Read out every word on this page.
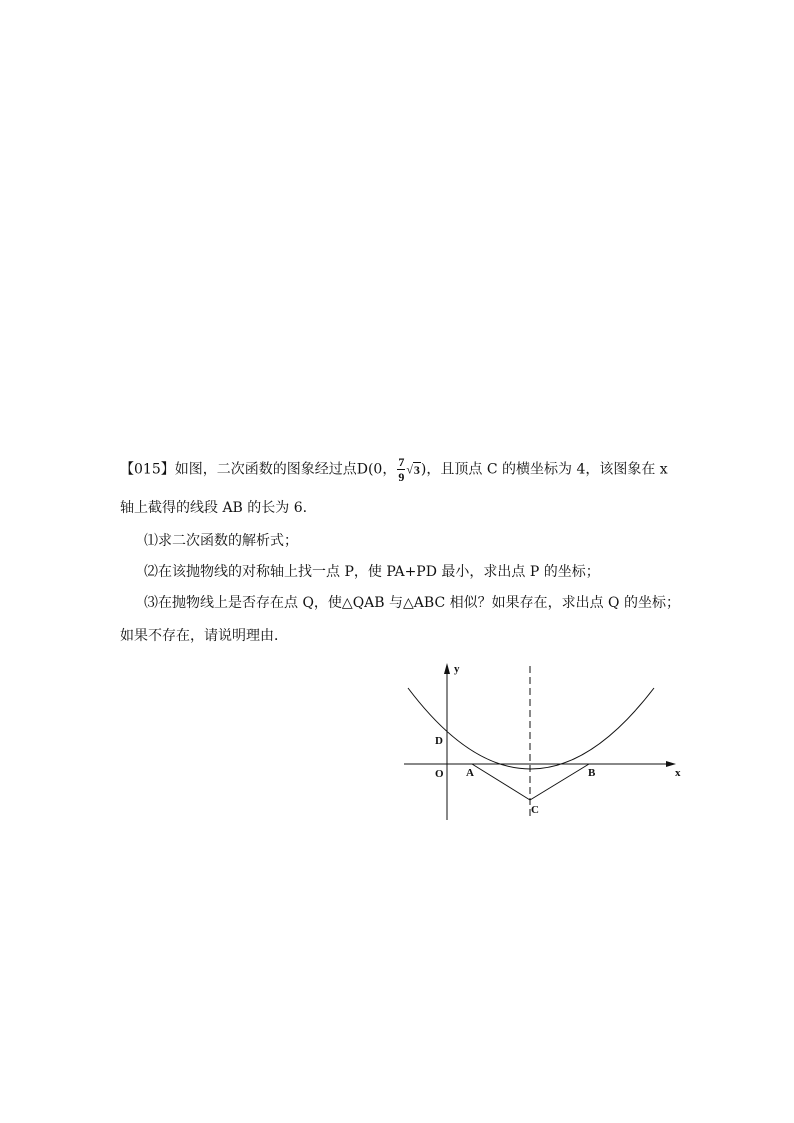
【015】如图，二次函数的图象经过点D(0， $\frac{7}{9} √3$)，且顶点 C 的横坐标为 4，该图象在 x
轴上截得的线段 AB 的长为 6.
⑴求二次函数的解析式；
⑵在该抛物线的对称轴上找一点 P，使 PA+PD 最小，求出点 P 的坐标；
⑶在抛物线上是否存在点 Q，使△QAB 与△ABC 相似？如果存在，求出点 Q 的坐标；
如果不存在，请说明理由．
y
x
O
D
A	B
C
